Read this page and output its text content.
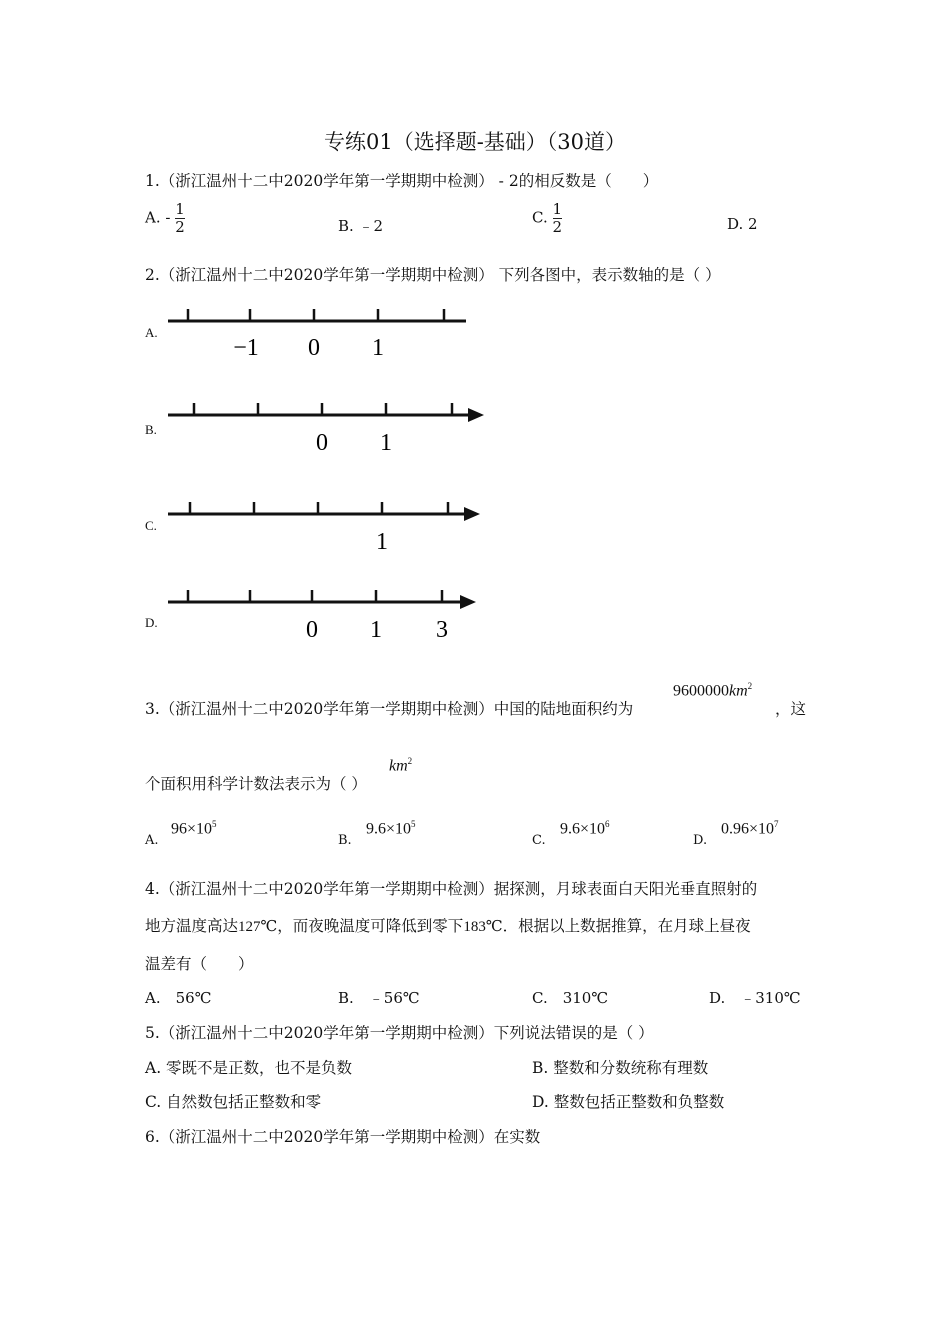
专练01（选择题-基础）（30道）
1.（浙江温州十二中2020学年第一学期期中检测） - 2的相反数是（　　）
A. - $\frac{1}{2}$	B. ﹣2	C. $\frac{1}{2}$	D. 2
2.（浙江温州十二中2020学年第一学期期中检测） 下列各图中，表示数轴的是（ ）
A.
−1 0 1
B.
0 1
C.
1
D.	0 1 3
3.（浙江温州十二中2020学年第一学期期中检测）中国的陆地面积约为
$9600000km^2$
，这
个面积用科学计数法表示为（ ）
$km^2$
A.
$96\times 10^5$
B.
$9.6\times 10^5$
C.
$9.6\times 10^6$
D.
$0.96\times 10^7$
4.（浙江温州十二中2020学年第一学期期中检测）据探测，月球表面白天阳光垂直照射的
地方温度高达127℃，而夜晚温度可降低到零下183℃．根据以上数据推算，在月球上昼夜
温差有（　　）
A.　56℃	B.　﹣56℃	C.　310℃	D.　﹣310℃
5.（浙江温州十二中2020学年第一学期期中检测）下列说法错误的是（ ）
A. 零既不是正数，也不是负数	B. 整数和分数统称有理数
C. 自然数包括正整数和零	D. 整数包括正整数和负整数
6.（浙江温州十二中2020学年第一学期期中检测）在实数
